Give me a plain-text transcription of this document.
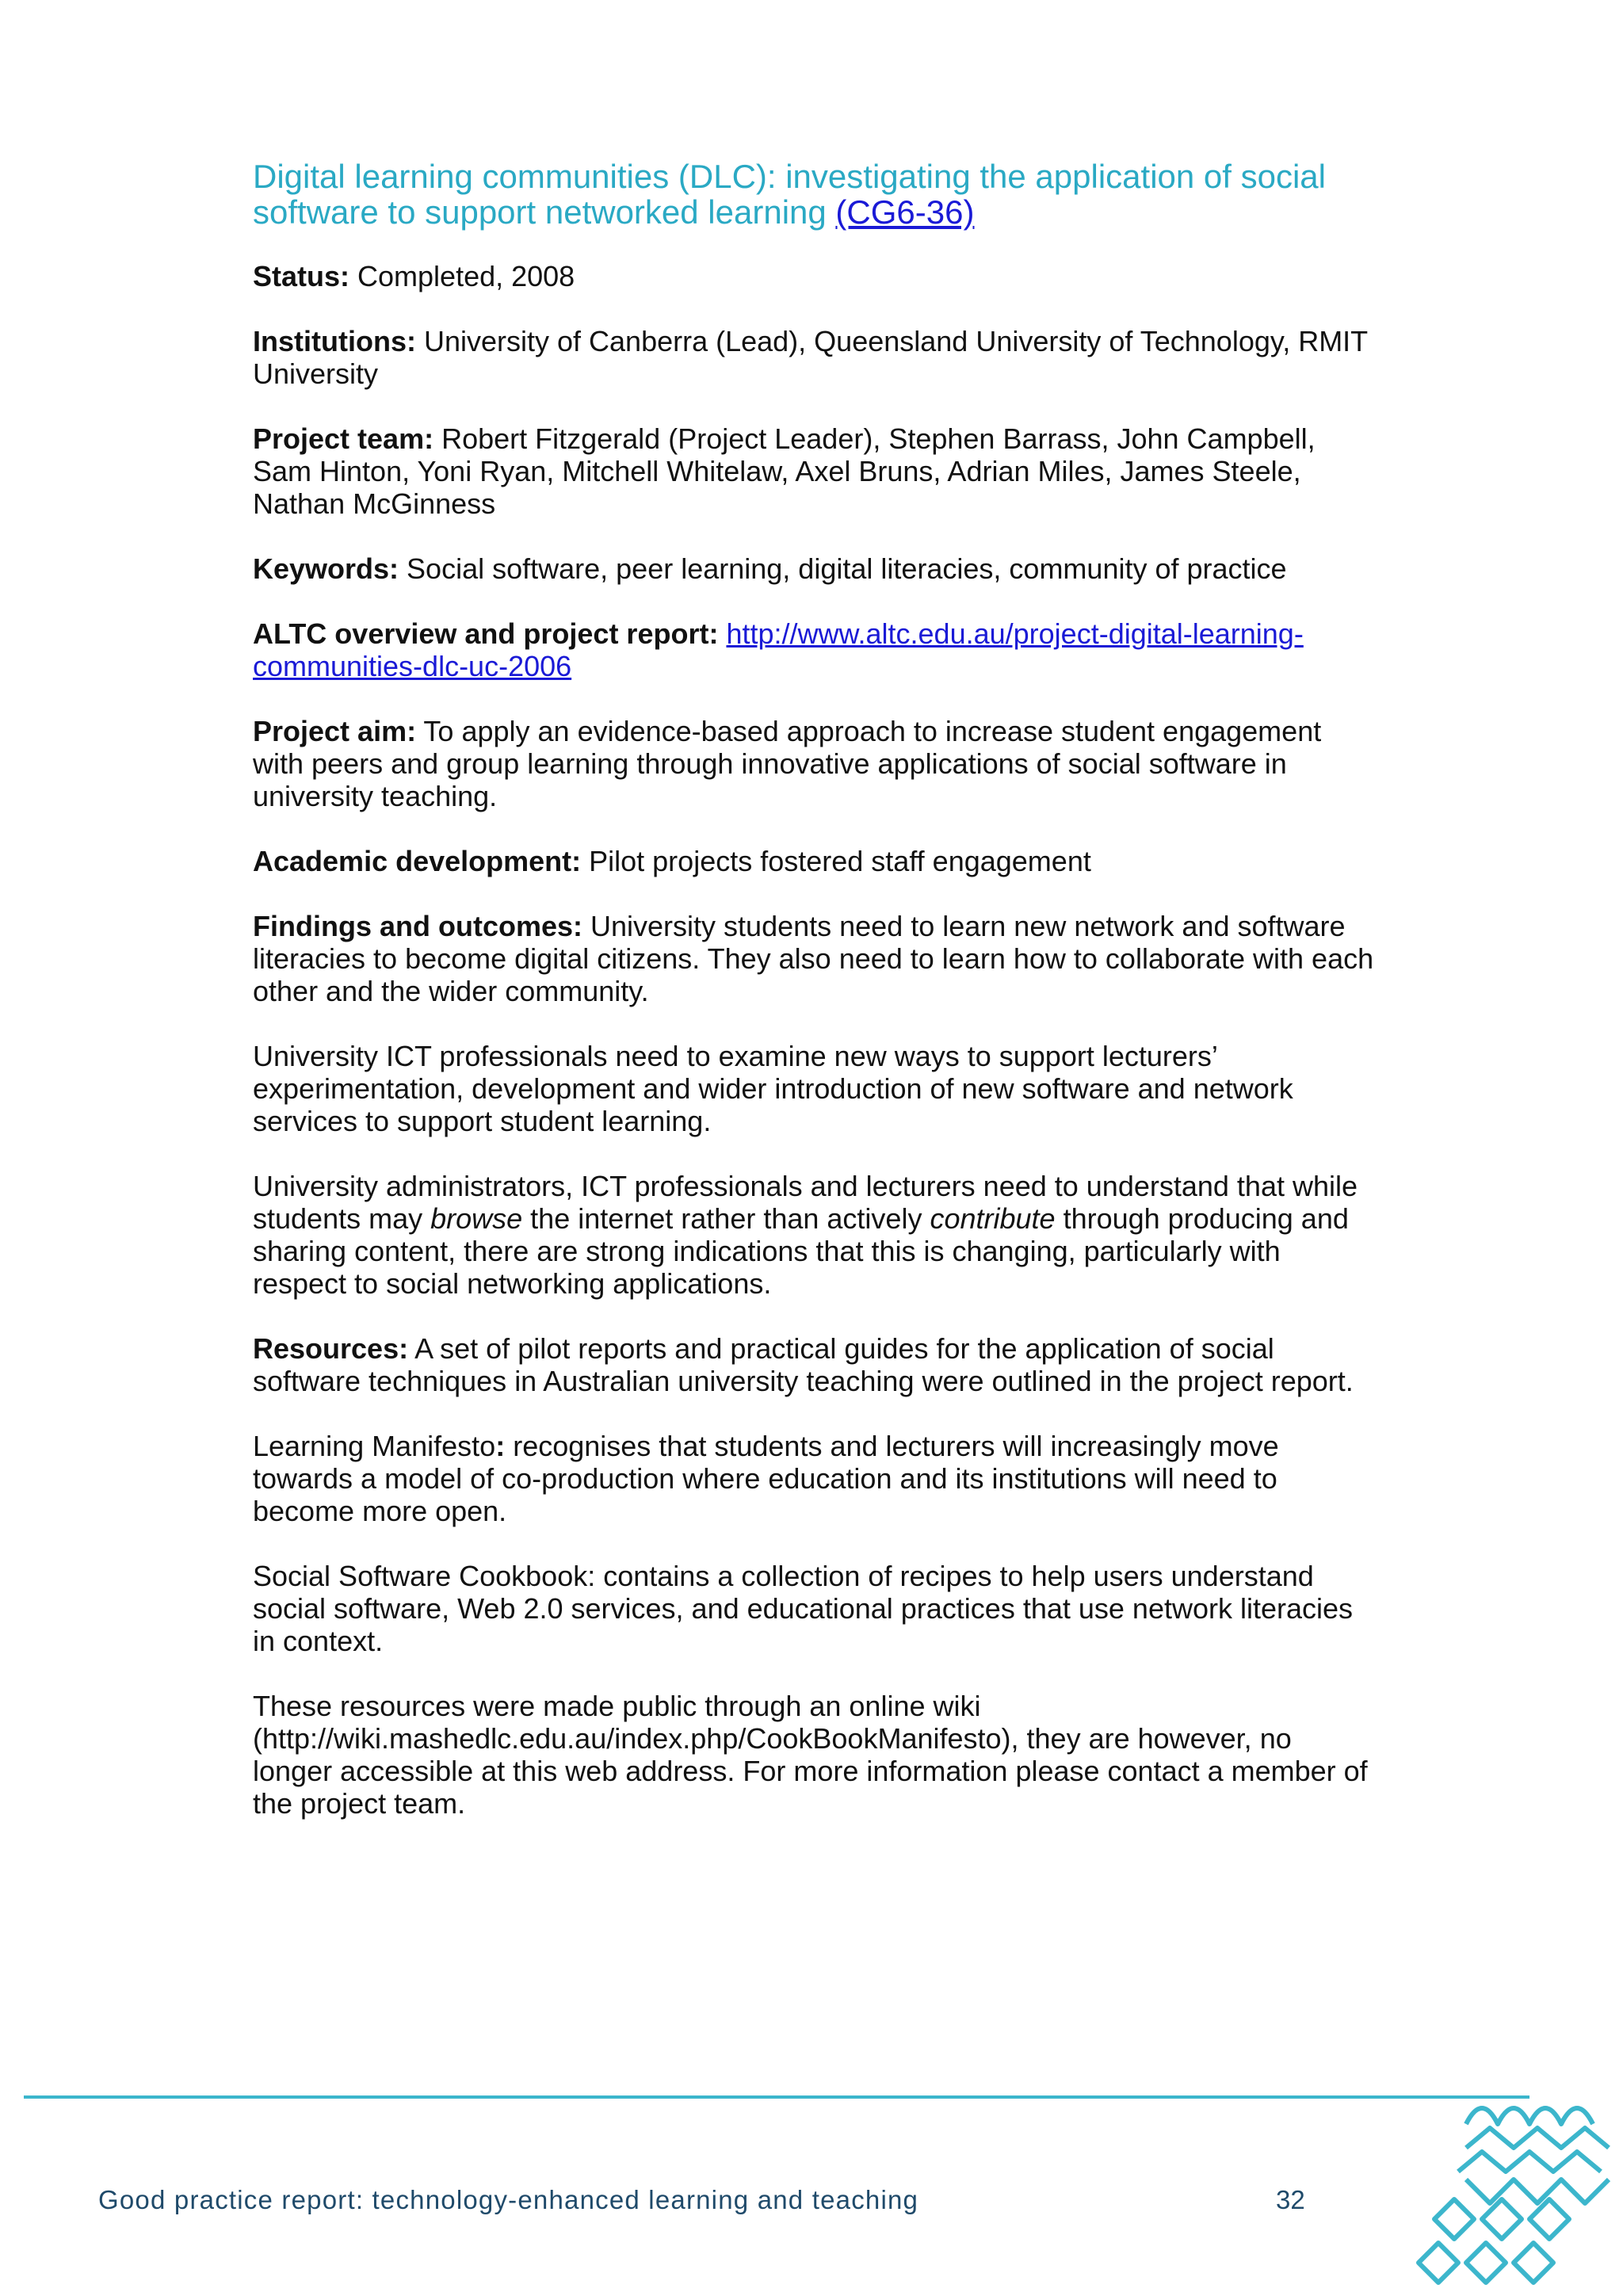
Digital learning communities (DLC): investigating the application of social software to support networked learning (CG6-36)

Status: Completed, 2008

Institutions: University of Canberra (Lead), Queensland University of Technology, RMIT University

Project team: Robert Fitzgerald (Project Leader), Stephen Barrass, John Campbell, Sam Hinton, Yoni Ryan, Mitchell Whitelaw, Axel Bruns, Adrian Miles, James Steele, Nathan McGinness

Keywords: Social software, peer learning, digital literacies, community of practice

ALTC overview and project report: http://www.altc.edu.au/project-digital-learning-communities-dlc-uc-2006

Project aim: To apply an evidence-based approach to increase student engagement with peers and group learning through innovative applications of social software in university teaching.

Academic development: Pilot projects fostered staff engagement

Findings and outcomes: University students need to learn new network and software literacies to become digital citizens. They also need to learn how to collaborate with each other and the wider community.

University ICT professionals need to examine new ways to support lecturers’ experimentation, development and wider introduction of new software and network services to support student learning.

University administrators, ICT professionals and lecturers need to understand that while students may browse the internet rather than actively contribute through producing and sharing content, there are strong indications that this is changing, particularly with respect to social networking applications.

Resources: A set of pilot reports and practical guides for the application of social software techniques in Australian university teaching were outlined in the project report.

Learning Manifesto: recognises that students and lecturers will increasingly move towards a model of co-production where education and its institutions will need to become more open.

Social Software Cookbook: contains a collection of recipes to help users understand social software, Web 2.0 services, and educational practices that use network literacies in context.

These resources were made public through an online wiki (http://wiki.mashedlc.edu.au/index.php/CookBookManifesto), they are however, no longer accessible at this web address. For more information please contact a member of the project team.

Good practice report: technology-enhanced learning and teaching	32
